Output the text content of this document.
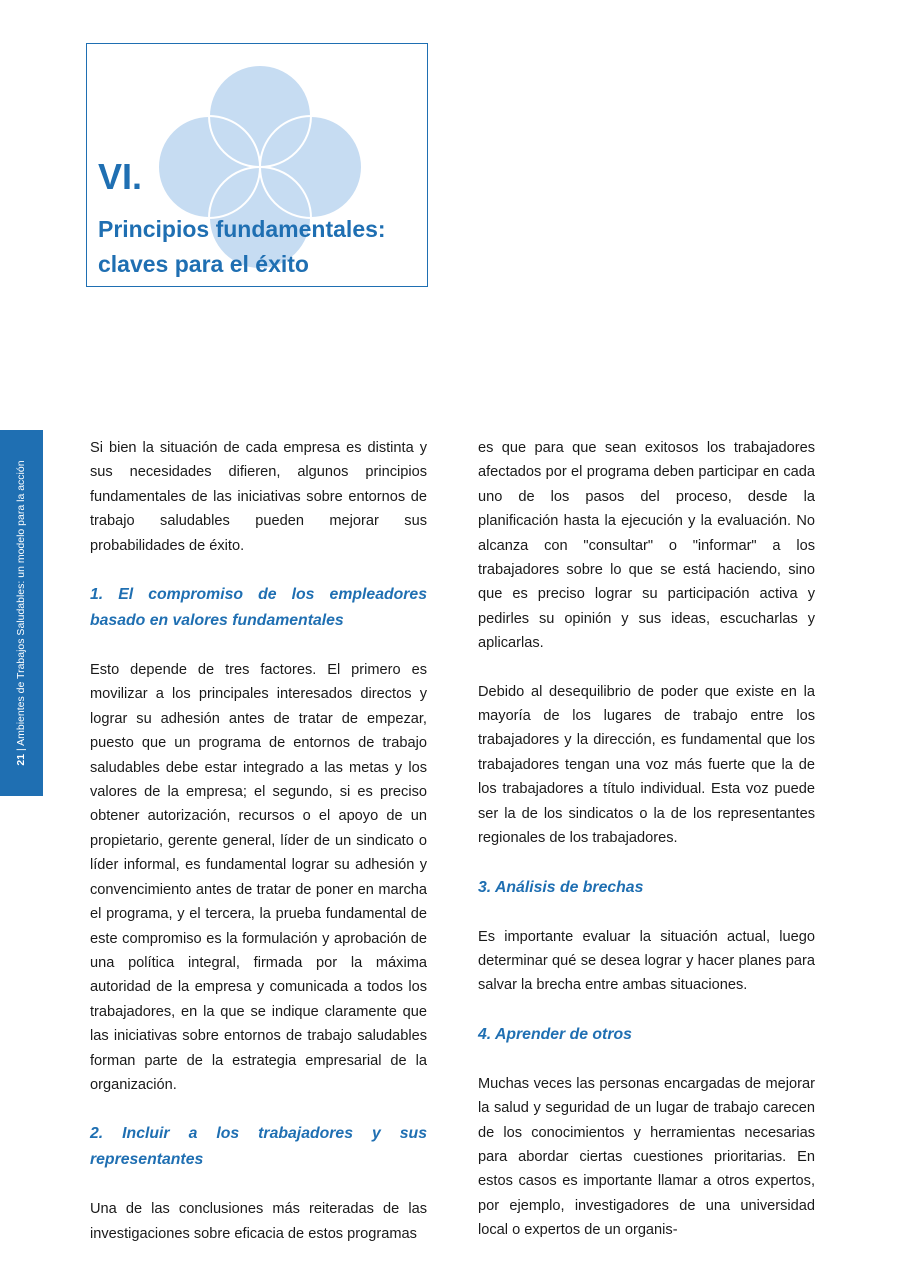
VI.
Principios fundamentales:
claves para el éxito
21 | Ambientes de Trabajos Saludables: un modelo para la acción

Si bien la situación de cada empresa es distinta y sus necesidades difieren, algunos principios fundamentales de las iniciativas sobre entornos de trabajo saludables pueden mejorar sus probabilidades de éxito.

1. El compromiso de los empleadores basado en valores fundamentales

Esto depende de tres factores. El primero es movilizar a los principales interesados directos y lograr su adhesión antes de tratar de empezar, puesto que un programa de entornos de trabajo saludables debe estar integrado a las metas y los valores de la empresa; el segundo, si es preciso obtener autorización, recursos o el apoyo de un propietario, gerente general, líder de un sindicato o líder informal, es fundamental lograr su adhesión y convencimiento antes de tratar de poner en marcha el programa, y el tercera, la prueba fundamental de este compromiso es la formulación y aprobación de una política integral, firmada por la máxima autoridad de la empresa y comunicada a todos los trabajadores, en la que se indique claramente que las iniciativas sobre entornos de trabajo saludables forman parte de la estrategia empresarial de la organización.

2. Incluir a los trabajadores y sus representantes

Una de las conclusiones más reiteradas de las investigaciones sobre eficacia de estos programas

es que para que sean exitosos los trabajadores afectados por el programa deben participar en cada uno de los pasos del proceso, desde la planificación hasta la ejecución y la evaluación. No alcanza con "consultar" o "informar" a los trabajadores sobre lo que se está haciendo, sino que es preciso lograr su participación activa y pedirles su opinión y sus ideas, escucharlas y aplicarlas.

Debido al desequilibrio de poder que existe en la mayoría de los lugares de trabajo entre los trabajadores y la dirección, es fundamental que los trabajadores tengan una voz más fuerte que la de los trabajadores a título individual. Esta voz puede ser la de los sindicatos o la de los representantes regionales de los trabajadores.

3. Análisis de brechas

Es importante evaluar la situación actual, luego determinar qué se desea lograr y hacer planes para salvar la brecha entre ambas situaciones.

4. Aprender de otros

Muchas veces las personas encargadas de mejorar la salud y seguridad de un lugar de trabajo carecen de los conocimientos y herramientas necesarias para abordar ciertas cuestiones prioritarias. En estos casos es importante llamar a otros expertos, por ejemplo, investigadores de una universidad local o expertos de un organis-
